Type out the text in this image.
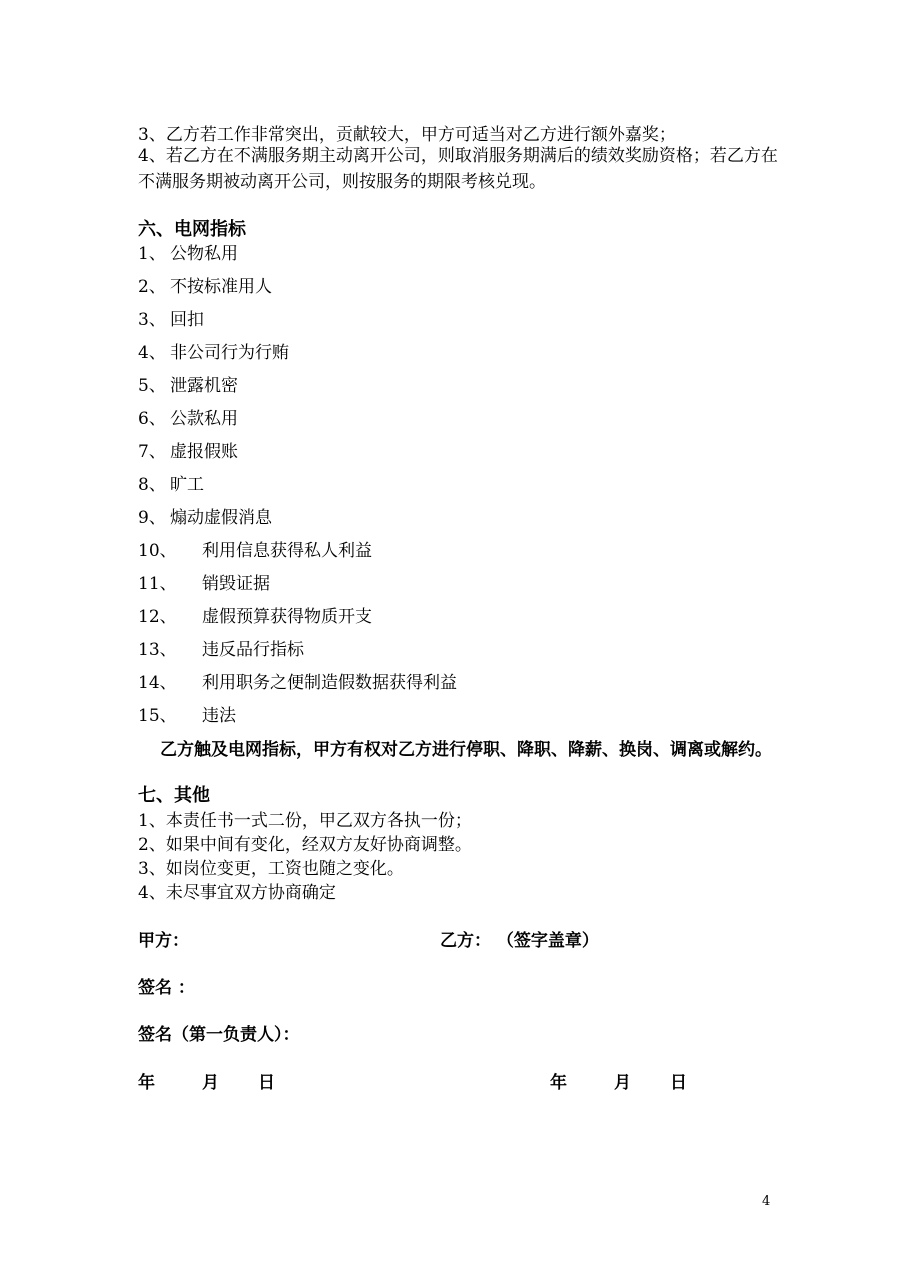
3、乙方若工作非常突出，贡献较大，甲方可适当对乙方进行额外嘉奖；
4、若乙方在不满服务期主动离开公司，则取消服务期满后的绩效奖励资格；若乙方在不满服务期被动离开公司，则按服务的期限考核兑现。
六、电网指标
1、 公物私用
2、 不按标准用人
3、 回扣
4、 非公司行为行贿
5、 泄露机密
6、 公款私用
7、 虚报假账
8、 旷工
9、 煽动虚假消息
10、 利用信息获得私人利益
11、 销毁证据
12、 虚假预算获得物质开支
13、 违反品行指标
14、 利用职务之便制造假数据获得利益
15、 违法
乙方触及电网指标，甲方有权对乙方进行停职、降职、降薪、换岗、调离或解约。
七、其他
1、本责任书一式二份，甲乙双方各执一份；
2、如果中间有变化，经双方友好协商调整。
3、如岗位变更，工资也随之变化。
4、未尽事宜双方协商确定
甲方：	乙方： （签字盖章）
签名 ：
签名（第一负责人）：
年	月 日	年	月 日
4
